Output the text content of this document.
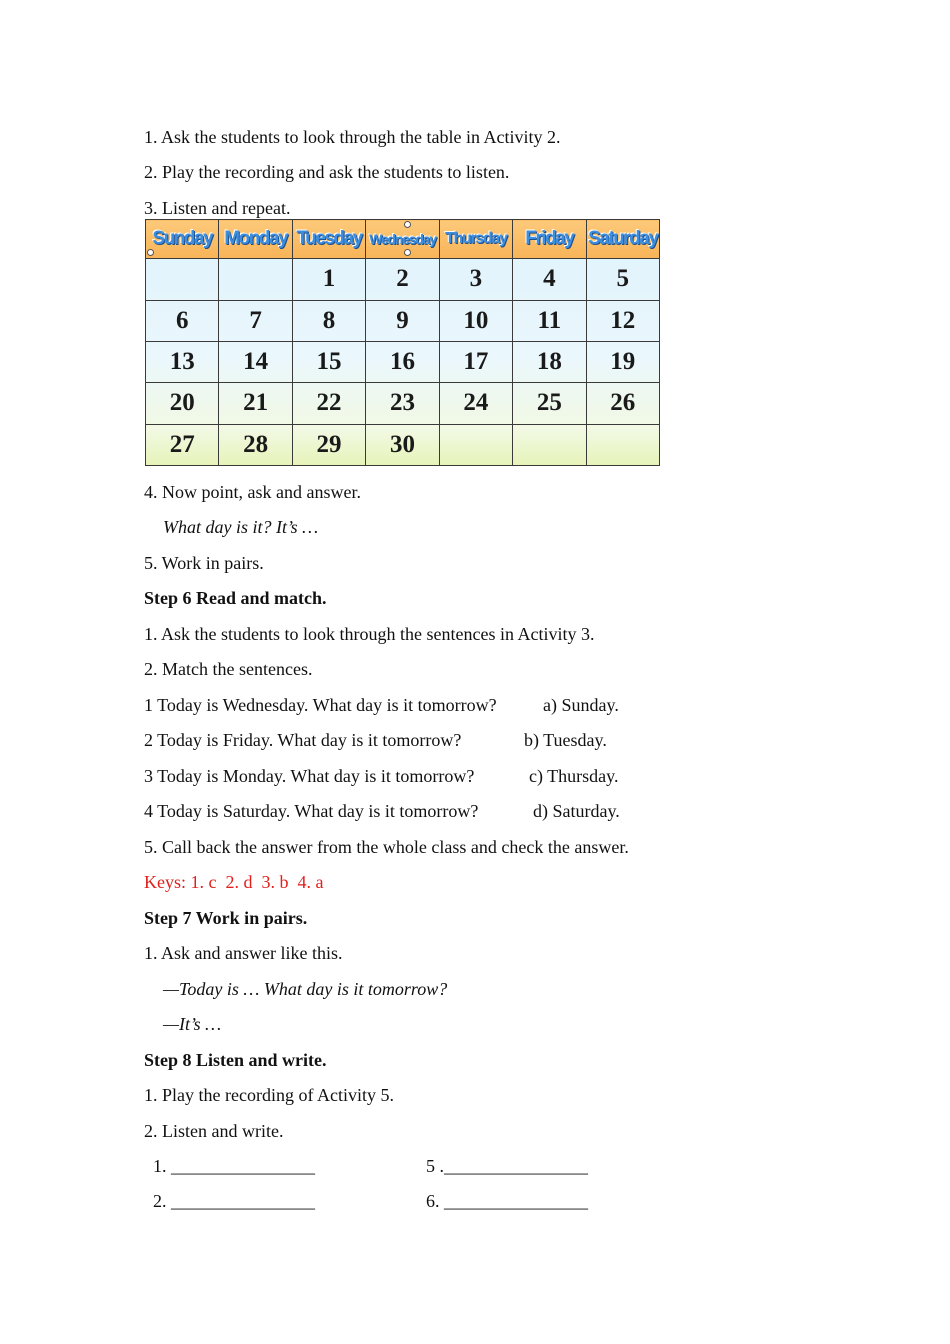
1. Ask the students to look through the table in Activity 2.
2. Play the recording and ask the students to listen.
3. Listen and repeat.
Sunday	Monday	Tuesday	Wednesday	Thursday	Friday	Saturday
		1	2	3	4	5
6	7	8	9	10	11	12
13	14	15	16	17	18	19
20	21	22	23	24	25	26
27	28	29	30			
4. Now point, ask and answer.
What day is it? It’s …
5. Work in pairs.
Step 6 Read and match.
1. Ask the students to look through the sentences in Activity 3.
2. Match the sentences.
1 Today is Wednesday. What day is it tomorrow?	a) Sunday.
2 Today is Friday. What day is it tomorrow?	b) Tuesday.
3 Today is Monday. What day is it tomorrow?	c) Thursday.
4 Today is Saturday. What day is it tomorrow?	d) Saturday.
5. Call back the answer from the whole class and check the answer.
Keys: 1. c  2. d  3. b  4. a
Step 7 Work in pairs.
1. Ask and answer like this.
—Today is … What day is it tomorrow?
—It’s …
Step 8 Listen and write.
1. Play the recording of Activity 5.
2. Listen and write.
1. ________________	5 .________________
2. ________________	6. ________________
